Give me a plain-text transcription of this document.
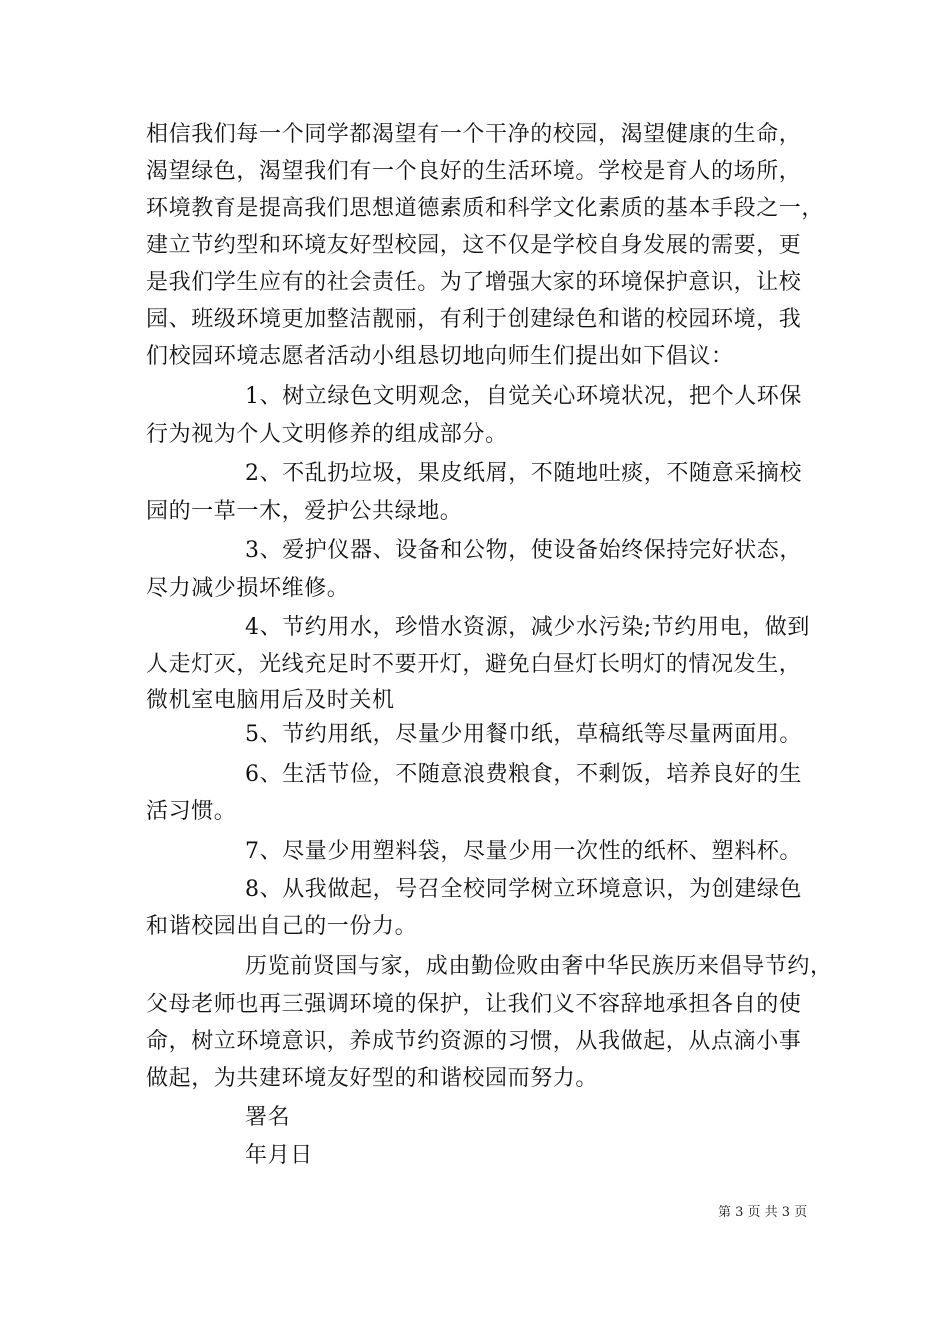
相信我们每一个同学都渴望有一个干净的校园，渴望健康的生命，
渴望绿色，渴望我们有一个良好的生活环境。学校是育人的场所，
环境教育是提高我们思想道德素质和科学文化素质的基本手段之一，
建立节约型和环境友好型校园，这不仅是学校自身发展的需要，更
是我们学生应有的社会责任。为了增强大家的环境保护意识，让校
园、班级环境更加整洁靓丽，有利于创建绿色和谐的校园环境，我
们校园环境志愿者活动小组恳切地向师生们提出如下倡议：
1、树立绿色文明观念，自觉关心环境状况，把个人环保
行为视为个人文明修养的组成部分。
2、不乱扔垃圾，果皮纸屑，不随地吐痰，不随意采摘校
园的一草一木，爱护公共绿地。
3、爱护仪器、设备和公物，使设备始终保持完好状态，
尽力减少损坏维修。
4、节约用水，珍惜水资源，减少水污染;节约用电，做到
人走灯灭，光线充足时不要开灯，避免白昼灯长明灯的情况发生，
微机室电脑用后及时关机
5、节约用纸，尽量少用餐巾纸，草稿纸等尽量两面用。
6、生活节俭，不随意浪费粮食，不剩饭，培养良好的生
活习惯。
7、尽量少用塑料袋，尽量少用一次性的纸杯、塑料杯。
8、从我做起，号召全校同学树立环境意识，为创建绿色
和谐校园出自己的一份力。
历览前贤国与家，成由勤俭败由奢中华民族历来倡导节约，
父母老师也再三强调环境的保护，让我们义不容辞地承担各自的使
命，树立环境意识，养成节约资源的习惯，从我做起，从点滴小事
做起，为共建环境友好型的和谐校园而努力。
署名
年月日
第 3 页 共 3 页
